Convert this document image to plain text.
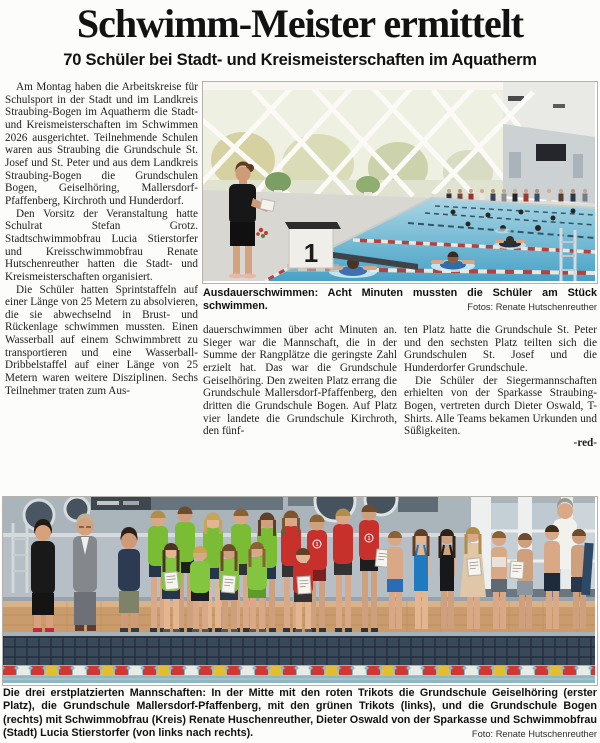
Schwimm-Meister ermittelt
70 Schüler bei Stadt- und Kreismeisterschaften im Aquatherm

Am Montag haben die Arbeitskreise für Schulsport in der Stadt und im Landkreis Straubing-Bogen im Aquatherm die Stadt- und Kreismeisterschaften im Schwimmen 2026 ausgerichtet. Teilnehmende Schulen waren aus Straubing die Grundschule St. Josef und St. Peter und aus dem Landkreis Straubing-Bogen die Grundschulen Bogen, Geiselhöring, Mallersdorf-Pfaffenberg, Kirchroth und Hunderdorf.

Den Vorsitz der Veranstaltung hatte Schulrat Stefan Grotz. Stadtschwimmobfrau Lucia Stierstorfer und Kreisschwimmobfrau Renate Hutschenreuther hatten die Stadt- und Kreismeisterschaften organisiert.

Die Schüler hatten Sprintstaffeln auf einer Länge von 25 Metern zu absolvieren, die sie abwechselnd in Brust- und Rückenlage schwimmen mussten. Einen Wasserball auf einem Schwimmbrett zu transportieren und eine Wasserball-Dribbelstaffel auf einer Länge von 25 Metern waren weitere Disziplinen. Sechs Teilnehmer traten zum Aus-

dauerschwimmen über acht Minuten an. Sieger war die Mannschaft, die in der Summe der Rangplätze die geringste Zahl erzielt hat. Das war die Grundschule Geiselhöring. Den zweiten Platz errang die Grundschule Mallersdorf-Pfaffenberg, den dritten die Grundschule Bogen. Auf Platz vier landete die Grundschule Kirchroth, den fünf-

ten Platz hatte die Grundschule St. Peter und den sechsten Platz teilten sich die Grundschulen St. Josef und die Hunderdorfer Grundschule.

Die Schüler der Siegermannschaften erhielten von der Sparkasse Straubing-Bogen, vertreten durch Dieter Oswald, T-Shirts. Alle Teams bekamen Urkunden und Süßigkeiten.

-red-
1
Ausdauerschwimmen: Acht Minuten mussten die Schüler am Stück schwimmen.	Fotos: Renate Hutschenreuther
1
1
Die drei erstplatzierten Mannschaften: In der Mitte mit den roten Trikots die Grundschule Geiselhöring (erster Platz), die Grundschule Mallersdorf-Pfaffenberg, mit den grünen Trikots (links), und die Grundschule Bogen (rechts) mit Schwimmobfrau (Kreis) Renate Huschenreuther, Dieter Oswald von der Sparkasse und Schwimmobfrau (Stadt) Lucia Stierstorfer (von links nach rechts).	Foto: Renate Hutschenreuther
